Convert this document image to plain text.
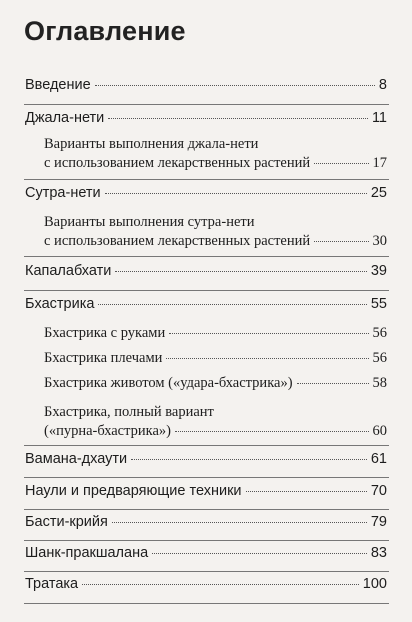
Оглавление
Введение	8
Джала-нети	11
Варианты выполнения джала-нети
с использованием лекарственных растений	17
Сутра-нети	25
Варианты выполнения сутра-нети
с использованием лекарственных растений	30
Капалабхати	39
Бхастрика	55
Бхастрика с руками	56
Бхастрика плечами	56
Бхастрика животом («удара-бхастрика»)	58
Бхастрика, полный вариант
(«пурна-бхастрика»)	60
Вамана-дхаути	61
Наули и предваряющие техники	70
Басти-крийя	79
Шанк-пракшалана	83
Тратака	100
